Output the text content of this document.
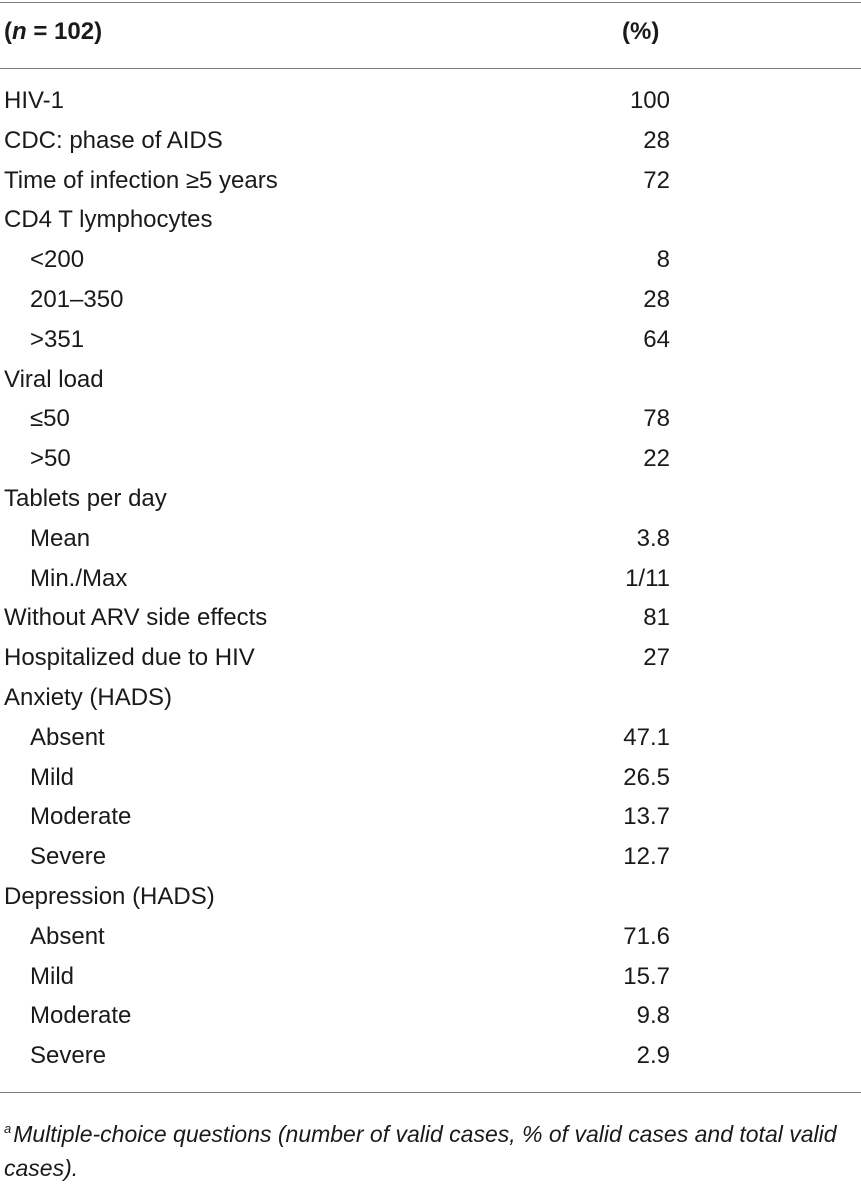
(n = 102)	(%)
HIV-1	100
CDC: phase of AIDS	28
Time of infection ≥5 years	72
CD4 T lymphocytes
<200	8
201–350	28
>351	64
Viral load
≤50	78
>50	22
Tablets per day
Mean	3.8
Min./Max	1/11
Without ARV side effects	81
Hospitalized due to HIV	27
Anxiety (HADS)
Absent	47.1
Mild	26.5
Moderate	13.7
Severe	12.7
Depression (HADS)
Absent	71.6
Mild	15.7
Moderate	9.8
Severe	2.9
$^a$Multiple-choice questions (number of valid cases, % of valid cases and total valid cases).
